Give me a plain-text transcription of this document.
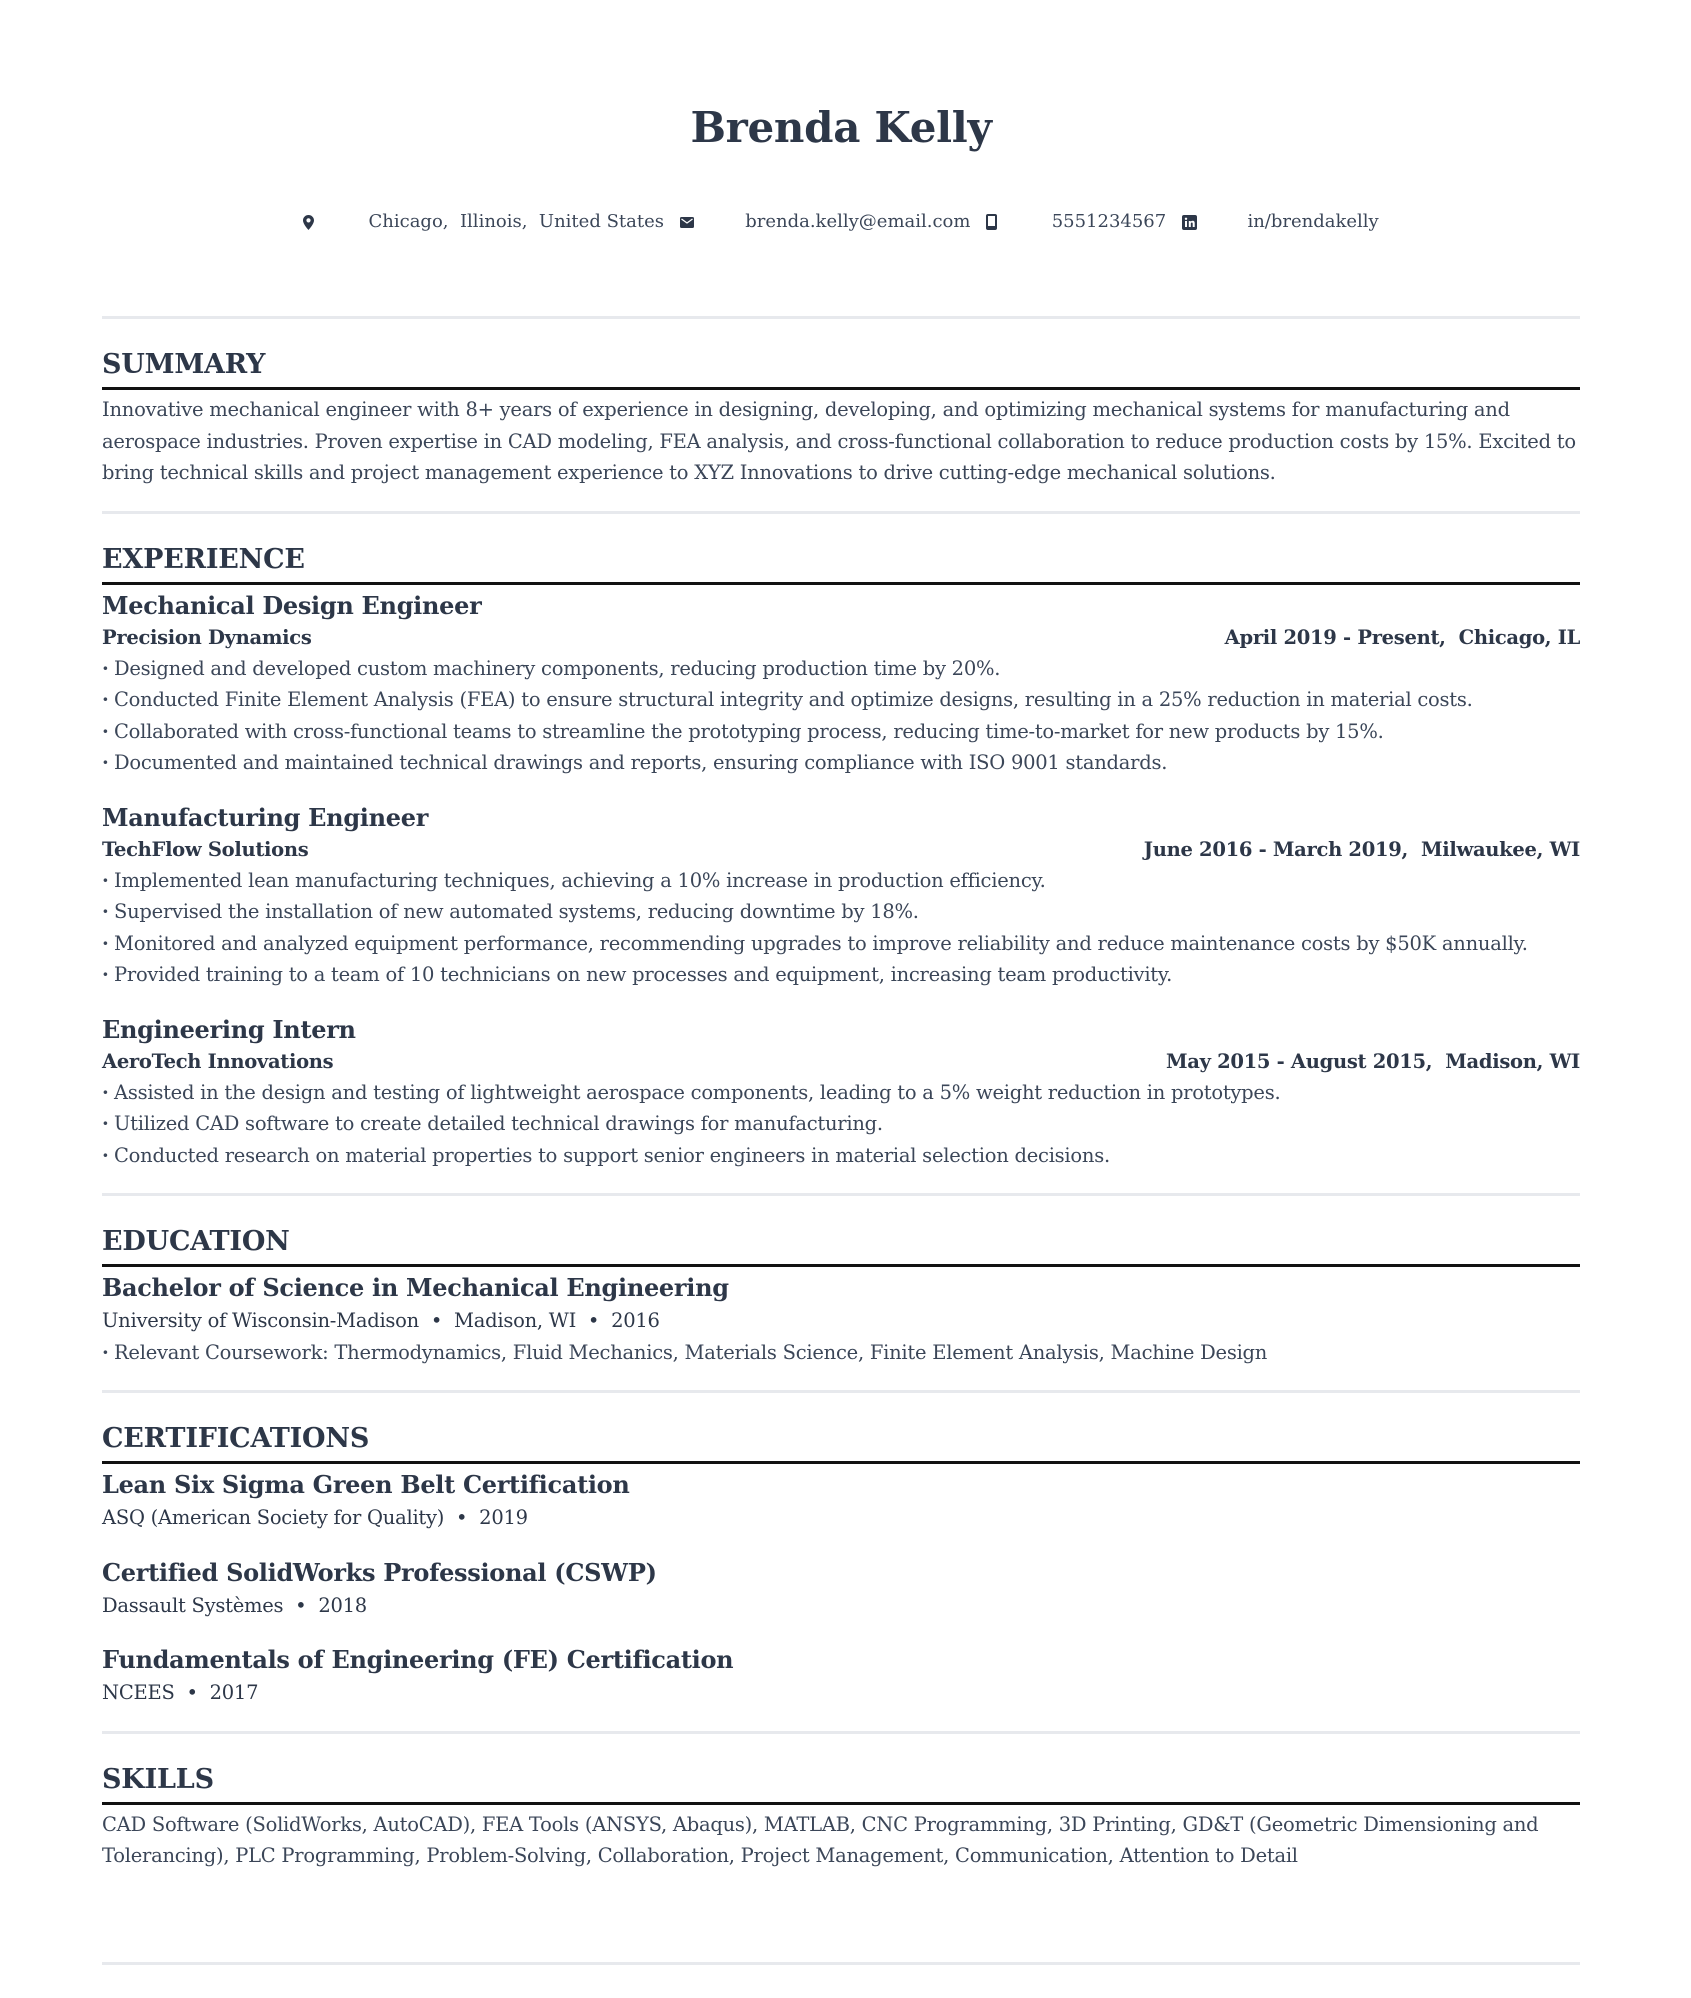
Brenda Kelly

Chicago,  Illinois,  United States

	brenda.kelly@email.com

	5551234567

	in/brendakelly
SUMMARY
Innovative mechanical engineer with 8+ years of experience in designing, developing, and optimizing mechanical systems for manufacturing and aerospace industries. Proven expertise in CAD modeling, FEA analysis, and cross-functional collaboration to reduce production costs by 15%. Excited to bring technical skills and project management experience to XYZ Innovations to drive cutting-edge mechanical solutions.
EXPERIENCE
Mechanical Design Engineer
Precision Dynamics	April 2019 - Present,  Chicago, IL
· Designed and developed custom machinery components, reducing production time by 20%.
· Conducted Finite Element Analysis (FEA) to ensure structural integrity and optimize designs, resulting in a 25% reduction in material costs.
· Collaborated with cross-functional teams to streamline the prototyping process, reducing time-to-market for new products by 15%.
· Documented and maintained technical drawings and reports, ensuring compliance with ISO 9001 standards.
Manufacturing Engineer
TechFlow Solutions	June 2016 - March 2019,  Milwaukee, WI
· Implemented lean manufacturing techniques, achieving a 10% increase in production efficiency.
· Supervised the installation of new automated systems, reducing downtime by 18%.
· Monitored and analyzed equipment performance, recommending upgrades to improve reliability and reduce maintenance costs by $50K annually.
· Provided training to a team of 10 technicians on new processes and equipment, increasing team productivity.
Engineering Intern
AeroTech Innovations	May 2015 - August 2015,  Madison, WI
· Assisted in the design and testing of lightweight aerospace components, leading to a 5% weight reduction in prototypes.
· Utilized CAD software to create detailed technical drawings for manufacturing.
· Conducted research on material properties to support senior engineers in material selection decisions.
EDUCATION
Bachelor of Science in Mechanical Engineering
University of Wisconsin-Madison  •  Madison, WI  •  2016
· Relevant Coursework: Thermodynamics, Fluid Mechanics, Materials Science, Finite Element Analysis, Machine Design
CERTIFICATIONS
Lean Six Sigma Green Belt Certification
ASQ (American Society for Quality)  •  2019
Certified SolidWorks Professional (CSWP)
Dassault Systèmes  •  2018
Fundamentals of Engineering (FE) Certification
NCEES  •  2017
SKILLS
CAD Software (SolidWorks, AutoCAD), FEA Tools (ANSYS, Abaqus), MATLAB, CNC Programming, 3D Printing, GD&T (Geometric Dimensioning and Tolerancing), PLC Programming, Problem-Solving, Collaboration, Project Management, Communication, Attention to Detail
